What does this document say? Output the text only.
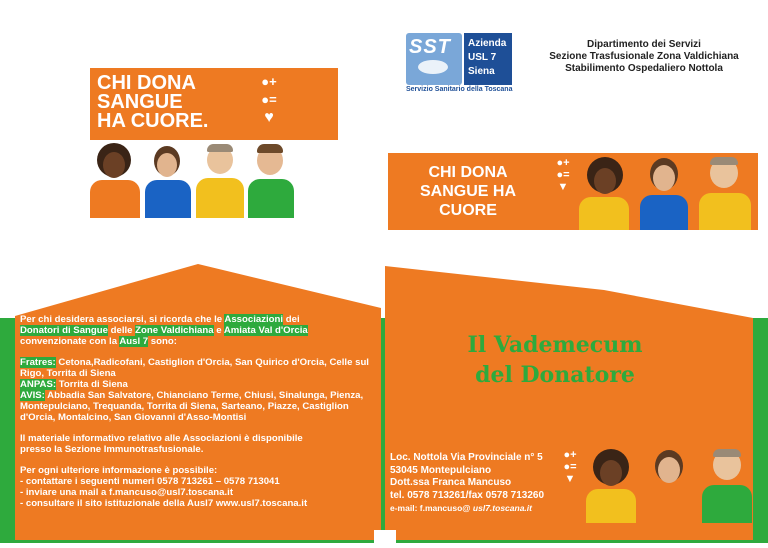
CHI DONA
SANGUE
HA CUORE.
●+
●=
♥
SST Azienda
USL 7
Siena
Servizio Sanitario della Toscana
Dipartimento dei Servizi
Sezione Trasfusionale Zona Valdichiana
Stabilimento Ospedaliero Nottola
CHI DONA
SANGUE HA
CUORE
●+
●=
▼

Per chi desidera associarsi, si ricorda che le Associazioni dei
Donatori di Sangue delle Zone Valdichiana e Amiata Val d'Orcia
convenzionate con la Ausl 7 sono:

Fratres: Cetona,Radicofani, Castiglion d'Orcia, San Quirico d'Orcia, Celle sul Rigo, Torrita di Siena

ANPAS: Torrita di Siena

AVIS: Abbadia San Salvatore, Chianciano Terme, Chiusi, Sinalunga, Pienza, Montepulciano, Trequanda, Torrita di Siena, Sarteano, Piazze, Castiglion d'Orcia, Montalcino, San Giovanni d'Asso-Montisi

Il materiale informativo relativo alle Associazioni è disponibile

presso la Sezione Immunotrasfusionale.

Per ogni ulteriore informazione è possibile:

- contattare i seguenti numeri 0578 713261 – 0578 713041

- inviare una mail a f.mancuso@usl7.toscana.it

- consultare il sito istituzionale della Ausl7 www.usl7.toscana.it

Il Vademecum
del Donatore
Loc. Nottola Via Provinciale n° 5
53045 Montepulciano
Dott.ssa Franca Mancuso
tel. 0578 713261/fax 0578 713260
e-mail: f.mancuso@ usl7.toscana.it
●+
●=
▼
